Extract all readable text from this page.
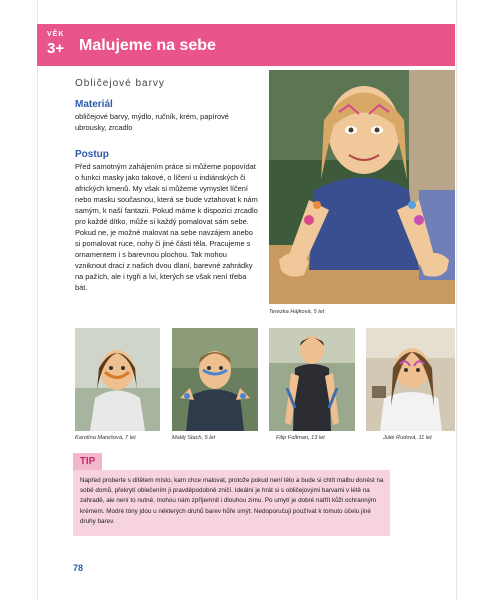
VĚK
3+ Malujeme na sebe
Obličejové barvy
Materiál

obličejové barvy, mýdlo, ručník, krém, papírové ubrousky, zrcadlo

Postup

Před samotným zahájením práce si můžeme popovídat o funkci masky jako takové, o líčení u indiánských či afrických kmenů. My však si můžeme vymyslet líčení nebo masku současnou, která se bude vztahovat k nám samým, k naší fantazii. Pokud máme k dispozici zrcadlo pro každé dítko, může si každý pomalovat sám sebe. Pokud ne, je možné malovat na sebe navzájem anebo si pomalovat ruce, nohy či jiné části těla. Pracujeme s ornamentem i s barevnou plochou. Tak mohou vzniknout draci z našich dvou dlaní, barevné zahrádky na pažích, ale i tygři a lvi, kterých se však není třeba bát.

Terezka Hájková, 5 let
Karolína Marešová, 7 let	Matěj Stach, 5 let	Filip Foltman, 13 let	Julie Rudová, 11 let
TIP

Napřed proberte s dítětem místo, kam chce malovat, protože pokud není léto a bude si chtít malbu donést na sobě domů, překrytí oblečením ji pravděpodobně zničí. Ideální je hrát si s obličejovými barvami v létě na zahradě, ale není to nutné, mohou nám zpříjemnit i dlouhou zimu. Po umytí je dobré natřít kůži ochranným krémem. Modré tóny jdou u některých druhů barev hůře smýt. Nedoporučuji používat k tomuto účelu jiné druhy barev.

78
